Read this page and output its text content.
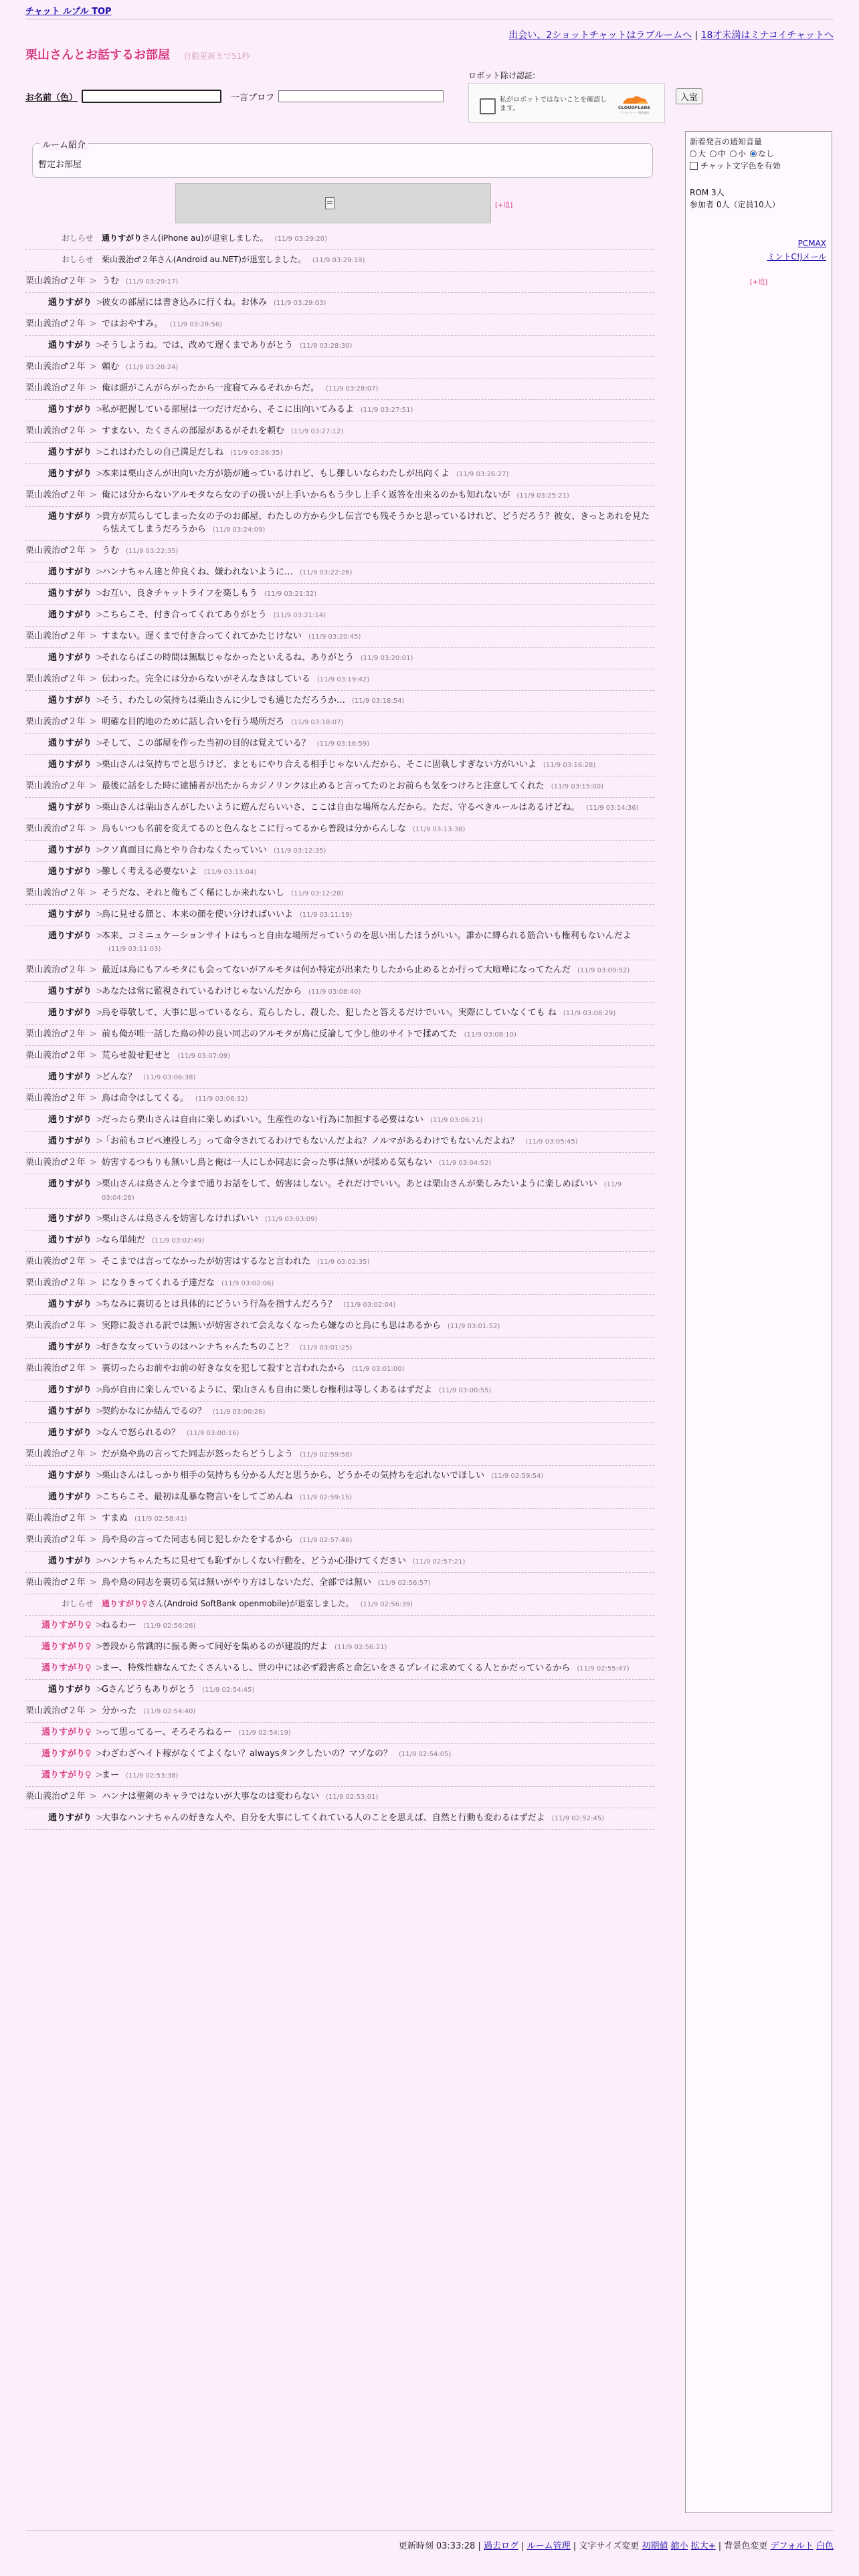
チャット ルプル TOP
出会い、2ショットチャットはラブルームへ | 18才未満はミナコイチャットへ
栗山さんとお話するお部屋 自動更新まで51秒
お名前（色）	一言プロフ
ロボット除け認証:
私がロボットではないことを確認します。	CLOUDFLARE
プライバシー・利用規約
入室
ルーム紹介
暫定お部屋
新着発言の通知音量
大 中 小 なし
チャット文字色を有効
ROM 3人
参加者 0人（定員10人）
PCMAX
ミントC!Jメール
[+追]
[+追]
おしらせ	通りすがりさん(iPhone au)が退室しました。 (11/9 03:29:20)
おしらせ	栗山義治♂２年さん(Android au.NET)が退室しました。 (11/9 03:29:19)
栗山義治♂２年 > うむ (11/9 03:29:17)
通りすがり >
彼女の部屋には書き込みに行くね。お休み (11/9 03:29:03)
栗山義治♂２年 > ではおやすみ。 (11/9 03:28:56)
通りすがり >
そうしようね。では、改めて遅くまでありがとう (11/9 03:28:30)
栗山義治♂２年 > 頼む (11/9 03:28:24)
栗山義治♂２年 > 俺は頭がこんがらがったから一度寝てみるそれからだ。 (11/9 03:28:07)
通りすがり >
私が把握している部屋は一つだけだから、そこに出向いてみるよ (11/9 03:27:51)
栗山義治♂２年 > すまない、たくさんの部屋があるがそれを頼む (11/9 03:27:12)
通りすがり >
これはわたしの自己満足だしね (11/9 03:26:35)
通りすがり >
本来は栗山さんが出向いた方が筋が通っているけれど、もし難しいならわたしが出向くよ (11/9 03:26:27)
栗山義治♂２年 > 俺には分からないアルモタなら女の子の扱いが上手いからもう少し上手く返答を出来るのかも知れないが (11/9 03:25:21)
通りすがり >
貴方が荒らしてしまった女の子のお部屋、わたしの方から少し伝言でも残そうかと思っているけれど、どうだろう？彼女、きっとあれを見たら怯えてしまうだろうから (11/9 03:24:09)
栗山義治♂２年 > うむ (11/9 03:22:35)
通りすがり >
ハンナちゃん達と仲良くね、嫌われないように… (11/9 03:22:26)
通りすがり >
お互い、良きチャットライフを楽しもう (11/9 03:21:32)
通りすがり >
こちらこそ、付き合ってくれてありがとう (11/9 03:21:14)
栗山義治♂２年 > すまない。遅くまで付き合ってくれてかたじけない (11/9 03:20:45)
通りすがり >
それならばこの時間は無駄じゃなかったといえるね、ありがとう (11/9 03:20:01)
栗山義治♂２年 > 伝わった。完全には分からないがそんなきはしている (11/9 03:19:42)
通りすがり >
そう、わたしの気持ちは栗山さんに少しでも通じただろうか… (11/9 03:18:54)
栗山義治♂２年 > 明確な目的地のために話し合いを行う場所だろ (11/9 03:18:07)
通りすがり >
そして、この部屋を作った当初の目的は覚えている？ (11/9 03:16:59)
通りすがり >
栗山さんは気持ちでと思うけど、まともにやり合える相手じゃないんだから、そこに固執しすぎない方がいいよ (11/9 03:16:28)
栗山義治♂２年 > 最後に話をした時に逮捕者が出たからカジノリンクは止めると言ってたのとお前らも気をつけろと注意してくれた (11/9 03:15:00)
通りすがり >
栗山さんは栗山さんがしたいように遊んだらいいさ、ここは自由な場所なんだから。ただ、守るべきルールはあるけどね。 (11/9 03:14:36)
栗山義治♂２年 > 鳥もいつも名前を変えてるのと色んなとこに行ってるから普段は分からんしな (11/9 03:13:38)
通りすがり >
クソ真面目に鳥とやり合わなくたっていい (11/9 03:12:35)
通りすがり >
難しく考える必要ないよ (11/9 03:13:04)
栗山義治♂２年 > そうだな、それと俺もごく稀にしか来れないし (11/9 03:12:28)
通りすがり >
鳥に見せる顔と、本来の顔を使い分ければいいよ (11/9 03:11:19)
通りすがり >
本来、コミニュケーションサイトはもっと自由な場所だっていうのを思い出したほうがいい。誰かに縛られる筋合いも権利もないんだよ(11/9 03:11:03)
栗山義治♂２年 > 最近は鳥にもアルモタにも会ってないがアルモタは何か特定が出来たりしたから止めるとか行って大喧嘩になってたんだ (11/9 03:09:52)
通りすがり >
あなたは常に監視されているわけじゃないんだから (11/9 03:08:40)
通りすがり >
鳥を尊敬して、大事に思っているなら、荒らしたし、殺した、犯したと答えるだけでいい。実際にしていなくても ね (11/9 03:08:29)
栗山義治♂２年 > 前も俺が唯一話した鳥の仲の良い同志のアルモタが鳥に反論して少し他のサイトで揉めてた (11/9 03:08:10)
栗山義治♂２年 > 荒らせ殺せ犯せと (11/9 03:07:09)
通りすがり >
どんな？ (11/9 03:06:38)
栗山義治♂２年 > 鳥は命令はしてくる。 (11/9 03:06:32)
通りすがり >
だったら栗山さんは自由に楽しめばいい。生産性のない行為に加担する必要はない (11/9 03:06:21)
通りすがり >
「お前もコピペ連投しろ」って命令されてるわけでもないんだよね？ノルマがあるわけでもないんだよね？ (11/9 03:05:45)
栗山義治♂２年 > 妨害するつもりも無いし鳥と俺は一人にしか同志に会った事は無いが揉める気もない (11/9 03:04:52)
通りすがり >
栗山さんは鳥さんと今まで通りお話をして、妨害はしない。それだけでいい。あとは栗山さんが楽しみたいように楽しめばいい (11/9 03:04:28)
通りすがり >
栗山さんは鳥さんを妨害しなければいい (11/9 03:03:09)
通りすがり >
なら単純だ (11/9 03:02:49)
栗山義治♂２年 > そこまでは言ってなかったが妨害はするなと言われた (11/9 03:02:35)
栗山義治♂２年 > になりきってくれる子達だな (11/9 03:02:06)
通りすがり >
ちなみに裏切るとは具体的にどういう行為を指すんだろう？ (11/9 03:02:04)
栗山義治♂２年 > 実際に殺される訳では無いが妨害されて会えなくなったら嫌なのと鳥にも思はあるから (11/9 03:01:52)
通りすがり >
好きな女っていうのはハンナちゃんたちのこと？ (11/9 03:01:25)
栗山義治♂２年 > 裏切ったらお前やお前の好きな女を犯して殺すと言われたから (11/9 03:01:00)
通りすがり >
鳥が自由に楽しんでいるように、栗山さんも自由に楽しむ権利は等しくあるはずだよ (11/9 03:00:55)
通りすがり >
契約かなにか結んでるの？ (11/9 03:00:26)
通りすがり >
なんで怒られるの？ (11/9 03:00:16)
栗山義治♂２年 > だが鳥や鳥の言ってた同志が怒ったらどうしよう (11/9 02:59:58)
通りすがり >
栗山さんはしっかり相手の気持ちも分かる人だと思うから、どうかその気持ちを忘れないでほしい (11/9 02:59:54)
通りすがり >
こちらこそ、最初は乱暴な物言いをしてごめんね (11/9 02:59:15)
栗山義治♂２年 > すまぬ (11/9 02:58:41)
栗山義治♂２年 > 鳥や鳥の言ってた同志も同じ犯しかたをするから (11/9 02:57:46)
通りすがり >
ハンナちゃんたちに見せても恥ずかしくない行動を、どうか心掛けてください (11/9 02:57:21)
栗山義治♂２年 > 鳥や鳥の同志を裏切る気は無いがやり方はしないただ、全部では無い (11/9 02:56:57)
おしらせ	通りすがり♀さん(Android SoftBank openmobile)が退室しました。 (11/9 02:56:39)
通りすがり♀ >
ねるわー (11/9 02:56:26)
通りすがり♀ >
普段から常識的に振る舞って同好を集めるのが建設的だよ (11/9 02:56:21)
通りすがり♀ >
まー、特殊性癖なんてたくさんいるし、世の中には必ず殺害系と命乞いをさるプレイに求めてくる人とかだっているから (11/9 02:55:47)
通りすがり >
Gさんどうもありがとう (11/9 02:54:45)
栗山義治♂２年 > 分かった (11/9 02:54:40)
通りすがり♀ >
って思ってるー、そろそろねるー (11/9 02:54:19)
通りすがり♀ >
わざわざヘイト稼がなくてよくない？alwaysタンクしたいの？マゾなの？ (11/9 02:54:05)
通りすがり♀ >
まー (11/9 02:53:38)
栗山義治♂２年 > ハンナは聖剣のキャラではないが大事なのは変わらない (11/9 02:53:01)
通りすがり >
大事なハンナちゃんの好きな人や、自分を大事にしてくれている人のことを思えば、自然と行動も変わるはずだよ (11/9 02:52:45)
更新時刻 03:33:28 | 過去ログ | ルーム管理 | 文字サイズ変更 初期値 縮小 拡大+ | 背景色変更 デフォルト 白色
